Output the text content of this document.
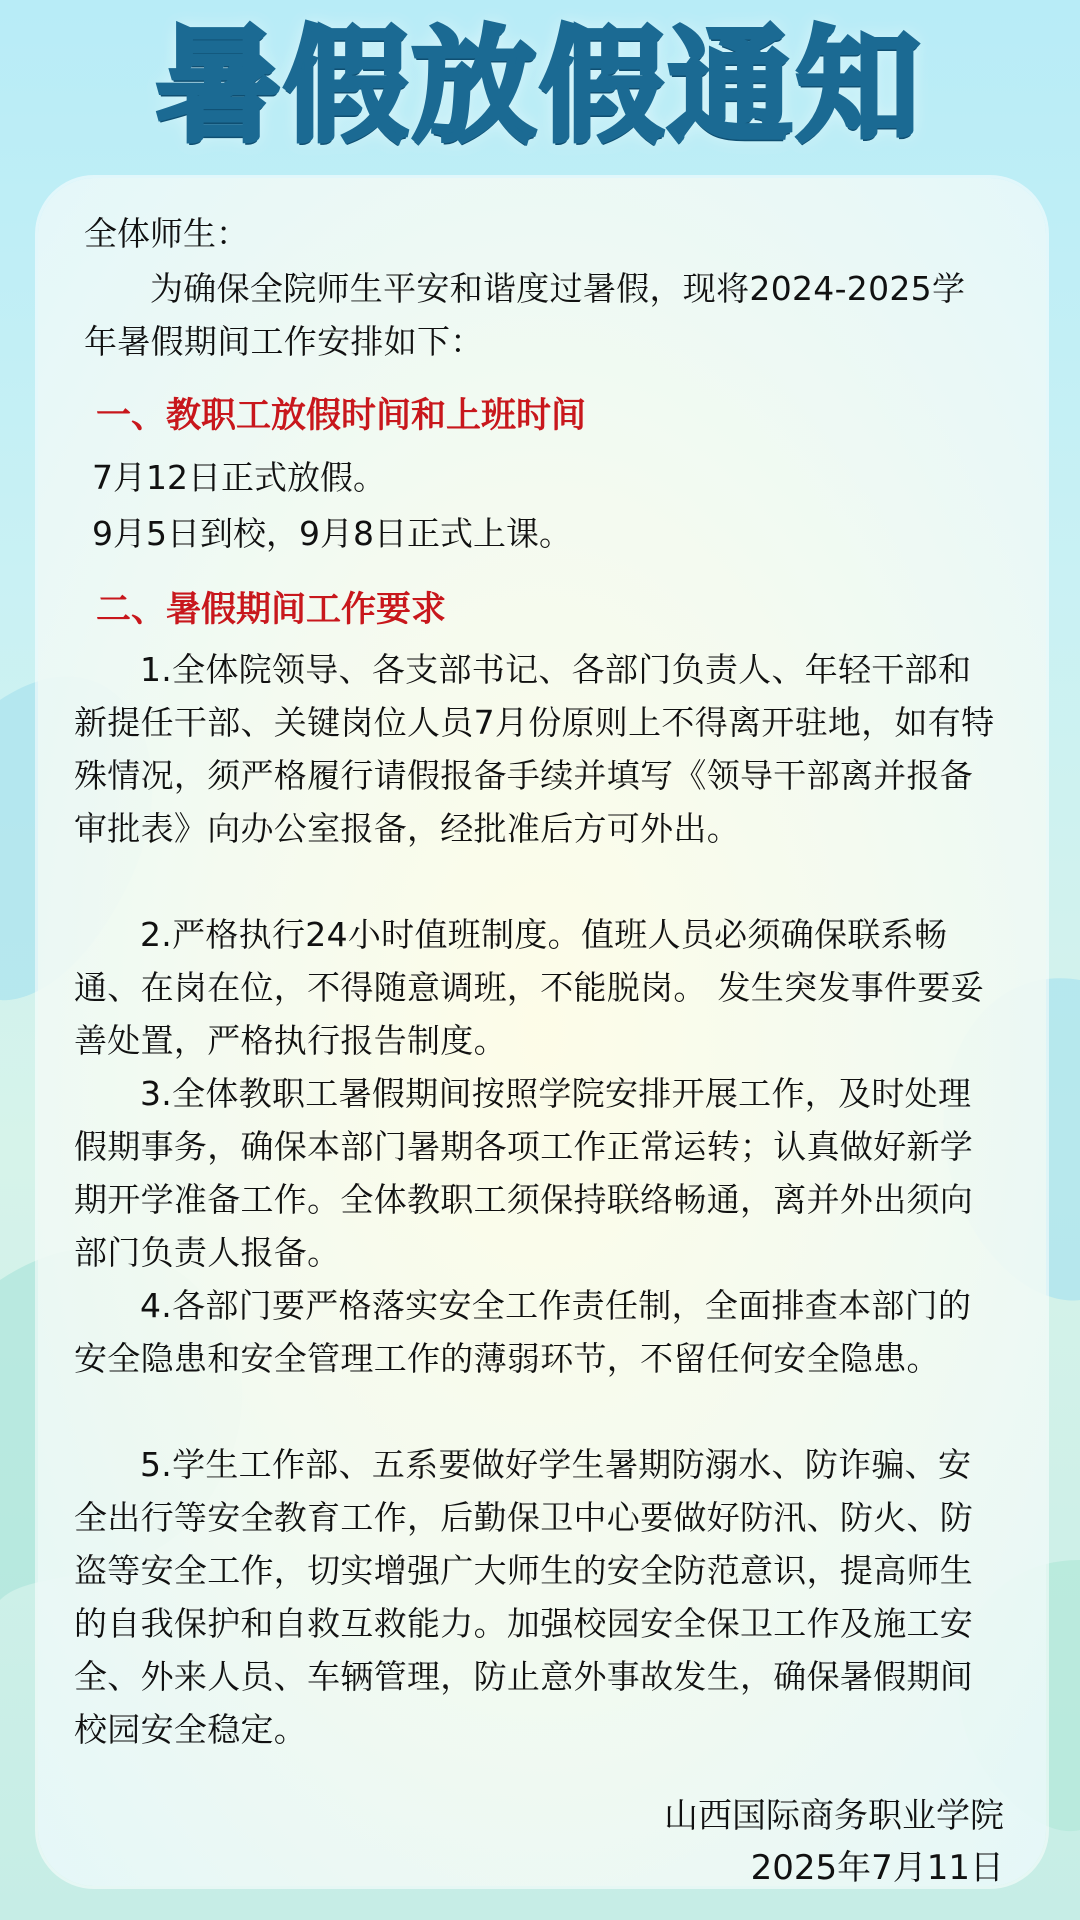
暑假放假通知

全体师生：

为确保全院师生平安和谐度过暑假，现将2024-2025学年暑假期间工作安排如下：

一、教职工放假时间和上班时间

7月12日正式放假。

9月5日到校，9月8日正式上课。

二、暑假期间工作要求

1.全体院领导、各支部书记、各部门负责人、年轻干部和新提任干部、关键岗位人员7月份原则上不得离开驻地，如有特殊情况，须严格履行请假报备手续并填写《领导干部离并报备审批表》向办公室报备，经批准后方可外出。

2.严格执行24小时值班制度。值班人员必须确保联系畅通、在岗在位，不得随意调班，不能脱岗。 发生突发事件要妥善处置，严格执行报告制度。

3.全体教职工暑假期间按照学院安排开展工作，及时处理假期事务，确保本部门暑期各项工作正常运转；认真做好新学期开学准备工作。全体教职工须保持联络畅通，离并外出须向部门负责人报备。

4.各部门要严格落实安全工作责任制，全面排查本部门的安全隐患和安全管理工作的薄弱环节，不留任何安全隐患。

5.学生工作部、五系要做好学生暑期防溺水、防诈骗、安全出行等安全教育工作，后勤保卫中心要做好防汛、防火、防盗等安全工作，切实增强广大师生的安全防范意识，提高师生的自我保护和自救互救能力。加强校园安全保卫工作及施工安全、外来人员、车辆管理，防止意外事故发生，确保暑假期间校园安全稳定。

山西国际商务职业学院

2025年7月11日
